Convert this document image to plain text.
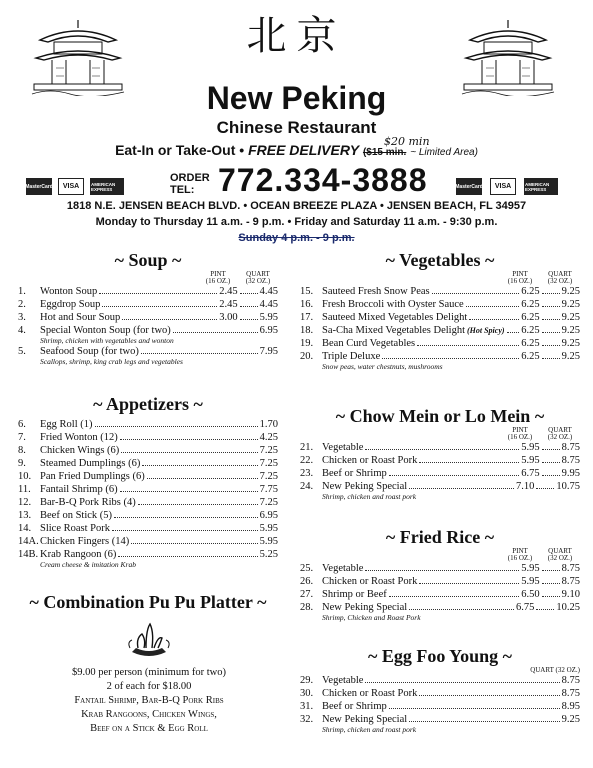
北京
New Peking
Chinese Restaurant
Eat-In or Take-Out • FREE DELIVERY ($15 min. ~ Limited Area)
$20 min
MasterCard VISA	AMERICAN EXPRESS
ORDER TEL: 772.334-3888	MasterCard VISA	AMERICAN EXPRESS
1818 N.E. JENSEN BEACH BLVD. • OCEAN BREEZE PLAZA • JENSEN BEACH, FL 34957
Monday to Thursday 11 a.m. - 9 p.m. • Friday and Saturday 11 a.m. - 9:30 p.m.
Sunday 4 p.m. - 9 p.m.
~ Soup ~
PINT
(16 OZ.)QUART
(32 OZ.)
1.	Wonton Soup	2.45 4.45
2.	Eggdrop Soup	2.45 4.45
3.	Hot and Sour Soup	3.00 5.95
4.	Special Wonton Soup (for two)	6.95
Shrimp, chicken with vegetables and wonton
5.	Seafood Soup (for two)	7.95
Scallops, shrimp, king crab legs and vegetables
~ Appetizers ~
6.	Egg Roll (1)	1.70
7.	Fried Wonton (12)	4.25
8.	Chicken Wings (6)	7.25
9.	Steamed Dumplings (6)	7.25
10. Pan Fried Dumplings (6)	7.25
11. Fantail Shrimp (6)	7.75
12. Bar-B-Q Pork Ribs (4)	7.25
13. Beef on Stick (5)	6.95
14. Slice Roast Pork	5.95
14A. Chicken Fingers (14)	5.95
14B. Krab Rangoon (6)	5.25
Cream cheese & imitation Krab
~ Combination Pu Pu Platter ~
$9.00 per person (minimum for two)
2 of each for $18.00
Fantail Shrimp, Bar-B-Q Pork Ribs
Krab Rangoons, Chicken Wings,
Beef on a Stick & Egg Roll
~ Vegetables ~
PINT
(16 OZ.)QUART
(32 OZ.)
15. Sauteed Fresh Snow Peas	6.25 9.25
16. Fresh Broccoli with Oyster Sauce	6.25 9.25
17. Sauteed Mixed Vegetables Delight	6.25 9.25
18. Sa-Cha Mixed Vegetables Delight (Hot Spicy) 6.25 9.25
19. Bean Curd Vegetables	6.25 9.25
20. Triple Deluxe	6.25 9.25
Snow peas, water chestnuts, mushrooms
~ Chow Mein or Lo Mein ~
PINT
(16 OZ.)QUART
(32 OZ.)
21. Vegetable	5.95 8.75
22. Chicken or Roast Pork	5.95 8.75
23. Beef or Shrimp	6.75 9.95
24. New Peking Special	7.10 10.75
Shrimp, chicken and roast pork
~ Fried Rice ~
PINT
(16 OZ.)QUART
(32 OZ.)
25. Vegetable	5.95 8.75
26. Chicken or Roast Pork	5.95 8.75
27. Shrimp or Beef	6.50 9.10
28. New Peking Special	6.75 10.25
Shrimp, Chicken and Roast Pork
~ Egg Foo Young ~
QUART (32 OZ.)
29. Vegetable	8.75
30. Chicken or Roast Pork	8.75
31. Beef or Shrimp	8.95
32. New Peking Special	9.25
Shrimp, chicken and roast pork
